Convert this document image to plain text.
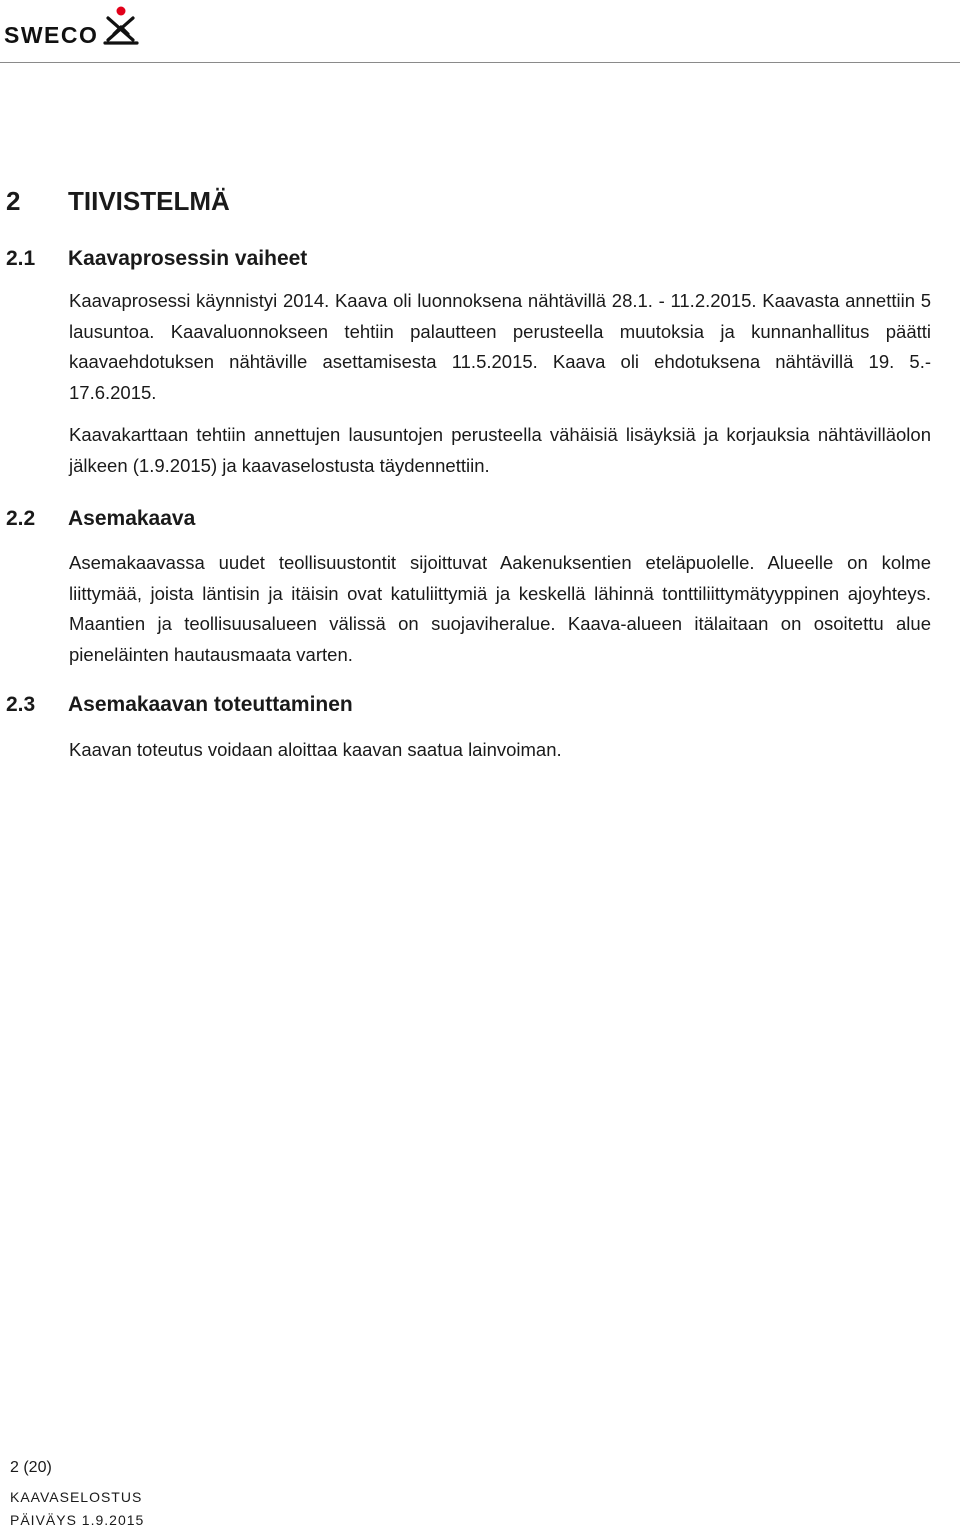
SWECO
2 TIIVISTELMÄ
2.1 Kaavaprosessin vaiheet

Kaavaprosessi käynnistyi 2014. Kaava oli luonnoksena nähtävillä 28.1. - 11.2.2015. Kaavasta annettiin 5 lausuntoa. Kaavaluonnokseen tehtiin palautteen perusteella muutoksia ja kunnanhallitus päätti kaavaehdotuksen nähtäville asettamisesta 11.5.2015. Kaava oli ehdotuksena nähtävillä 19. 5.- 17.6.2015.

Kaavakarttaan tehtiin annettujen lausuntojen perusteella vähäisiä lisäyksiä ja korjauksia nähtävilläolon jälkeen (1.9.2015) ja kaavaselostusta täydennettiin.

2.2 Asemakaava

Asemakaavassa uudet teollisuustontit sijoittuvat Aakenuksentien eteläpuolelle. Alueelle on kolme liittymää, joista läntisin ja itäisin ovat katuliittymiä ja keskellä lähinnä tonttiliittymätyyppinen ajoyhteys. Maantien ja teollisuusalueen välissä on suojaviheralue. Kaava-alueen itälaitaan on osoitettu alue pieneläinten hautausmaata varten.

2.3 Asemakaavan toteuttaminen

Kaavan toteutus voidaan aloittaa kaavan saatua lainvoiman.

2 (20)
KAAVASELOSTUS
PÄIVÄYS 1.9.2015
